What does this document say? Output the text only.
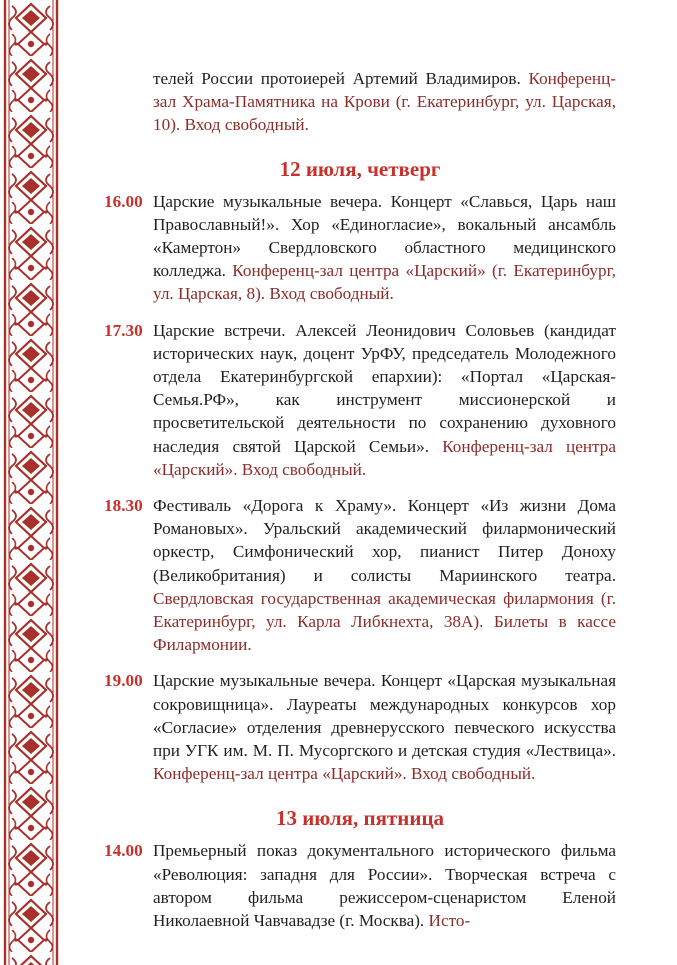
телей России протоиерей Артемий Владимиров. Конференц-зал Храма-Памятника на Крови (г. Екатеринбург, ул. Царская, 10). Вход свободный.
12 июля, четверг
16.00 Царские музыкальные вечера. Концерт «Славься, Царь наш Православный!». Хор «Единогласие», вокальный ансамбль «Камертон» Свердловского областного медицинского колледжа. Конференц-зал центра «Царский» (г. Екатеринбург, ул. Царская, 8). Вход свободный.
17.30 Царские встречи. Алексей Леонидович Соловьев (кандидат исторических наук, доцент УрФУ, председатель Молодежного отдела Екатеринбургской епархии): «Портал «Царская-Семья.РФ», как инструмент миссионерской и просветительской деятельности по сохранению духовного наследия святой Царской Семьи». Конференц-зал центра «Царский». Вход свободный.
18.30 Фестиваль «Дорога к Храму». Концерт «Из жизни Дома Романовых». Уральский академический филармонический оркестр, Симфонический хор, пианист Питер Доноху (Великобритания) и солисты Мариинского театра. Свердловская государственная академическая филармония (г. Екатеринбург, ул. Карла Либкнехта, 38А). Билеты в кассе Филармонии.
19.00 Царские музыкальные вечера. Концерт «Царская музыкальная сокровищница». Лауреаты международных конкурсов хор «Согласие» отделения древнерусского певческого искусства при УГК им. М. П. Мусоргского и детская студия «Лествица». Конференц-зал центра «Царский». Вход свободный.
13 июля, пятница
14.00 Премьерный показ документального исторического фильма «Революция: западня для России». Творческая встреча с автором фильма режиссером-сценаристом Еленой Николаевной Чавчавадзе (г. Москва). Исто-
